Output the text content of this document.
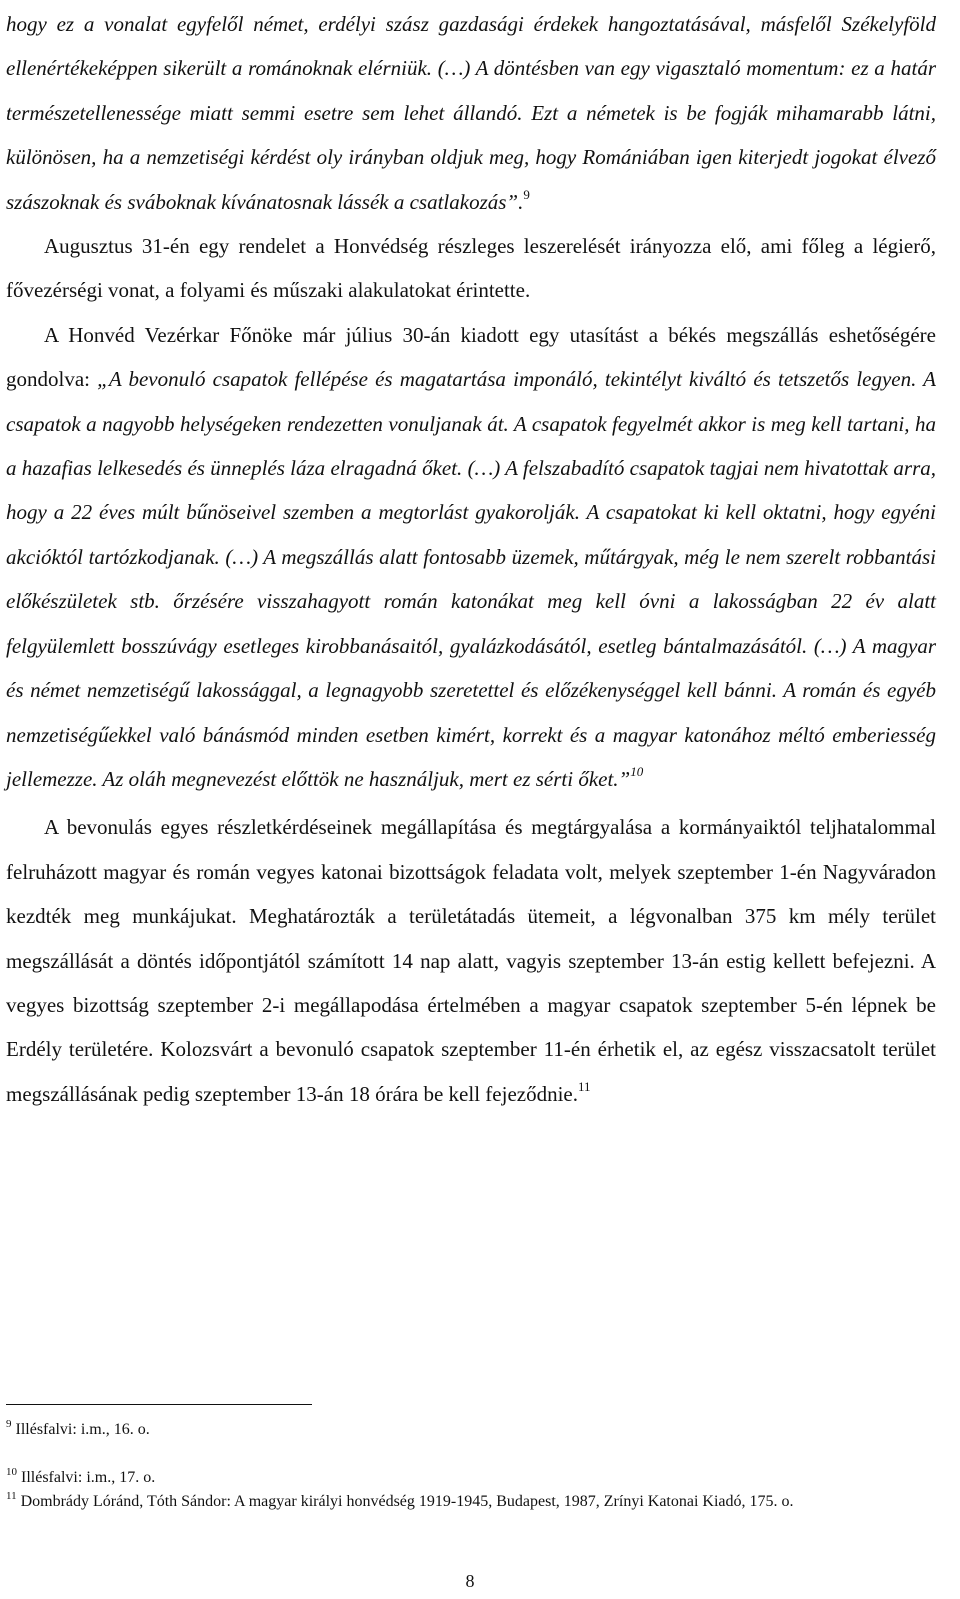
hogy ez a vonalat egyfelől német, erdélyi szász gazdasági érdekek hangoztatásával, másfelől Székelyföld ellenértékeképpen sikerült a románoknak elérniük. (…) A döntésben van egy vigasztaló momentum: ez a határ természetellenessége miatt semmi esetre sem lehet állandó. Ezt a németek is be fogják mihamarabb látni, különösen, ha a nemzetiségi kérdést oly irányban oldjuk meg, hogy Romániában igen kiterjedt jogokat élvező szászoknak és sváboknak kívánatosnak lássék a csatlakozás”.$^9$

Augusztus 31-én egy rendelet a Honvédség részleges leszerelését irányozza elő, ami főleg a légierő, fővezérségi vonat, a folyami és műszaki alakulatokat érintette.

A Honvéd Vezérkar Főnöke már július 30-án kiadott egy utasítást a békés megszállás eshetőségére gondolva: „A bevonuló csapatok fellépése és magatartása imponáló, tekintélyt kiváltó és tetszetős legyen. A csapatok a nagyobb helységeken rendezetten vonuljanak át. A csapatok fegyelmét akkor is meg kell tartani, ha a hazafias lelkesedés és ünneplés láza elragadná őket. (…) A felszabadító csapatok tagjai nem hivatottak arra, hogy a 22 éves múlt bűnöseivel szemben a megtorlást gyakorolják. A csapatokat ki kell oktatni, hogy egyéni akcióktól tartózkodjanak. (…) A megszállás alatt fontosabb üzemek, műtárgyak, még le nem szerelt robbantási előkészületek stb. őrzésére visszahagyott román katonákat meg kell óvni a lakosságban 22 év alatt felgyülemlett bosszúvágy esetleges kirobbanásaitól, gyalázkodásától, esetleg bántalmazásától. (…) A magyar és német nemzetiségű lakossággal, a legnagyobb szeretettel és előzékenységgel kell bánni. A román és egyéb nemzetiségűekkel való bánásmód minden esetben kimért, korrekt és a magyar katonához méltó emberiesség jellemezze. Az oláh megnevezést előttök ne használjuk, mert ez sérti őket.”$^{10}$

A bevonulás egyes részletkérdéseinek megállapítása és megtárgyalása a kormányaiktól teljhatalommal felruházott magyar és román vegyes katonai bizottságok feladata volt, melyek szeptember 1-én Nagyváradon kezdték meg munkájukat. Meghatározták a területátadás ütemeit, a légvonalban 375 km mély terület megszállását a döntés időpontjától számított 14 nap alatt, vagyis szeptember 13-án estig kellett befejezni. A vegyes bizottság szeptember 2-i megállapodása értelmében a magyar csapatok szeptember 5-én lépnek be Erdély területére. Kolozsvárt a bevonuló csapatok szeptember 11-én érhetik el, az egész visszacsatolt terület megszállásának pedig szeptember 13-án 18 órára be kell fejeződnie.$^{11}$

$^9$ Illésfalvi: i.m., 16. o.

$^{10}$ Illésfalvi: i.m., 17. o.

$^{11}$ Dombrády Lóránd, Tóth Sándor: A magyar királyi honvédség 1919-1945, Budapest, 1987, Zrínyi Katonai Kiadó, 175. o.

8
